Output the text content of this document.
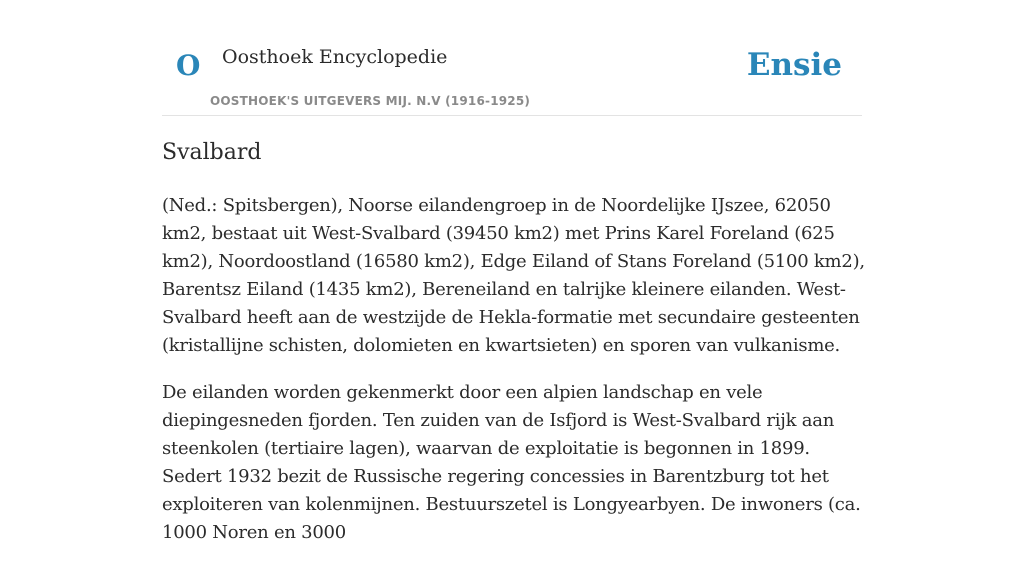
O Oosthoek Encyclopedie
OOSTHOEK'S UITGEVERS MIJ. N.V (1916-1925)
Ensie
Svalbard

(Ned.: Spitsbergen), Noorse eilandengroep in de Noordelijke IJszee, 62050 km2, bestaat uit West-Svalbard (39450 km2) met Prins Karel Foreland (625 km2), Noordoostland (16580 km2), Edge Eiland of Stans Foreland (5100 km2), Barentsz Eiland (1435 km2), Bereneiland en talrijke kleinere eilanden. West-Svalbard heeft aan de westzijde de Hekla-formatie met secundaire gesteenten (kristallijne schisten, dolomieten en kwartsieten) en sporen van vulkanisme.

De eilanden worden gekenmerkt door een alpien landschap en vele diepingesneden fjorden. Ten zuiden van de Isfjord is West-Svalbard rijk aan steenkolen (tertiaire lagen), waarvan de exploitatie is begonnen in 1899. Sedert 1932 bezit de Russische regering concessies in Barentzburg tot het exploiteren van kolenmijnen. Bestuurszetel is Longyearbyen. De inwoners (ca. 1000 Noren en 3000
